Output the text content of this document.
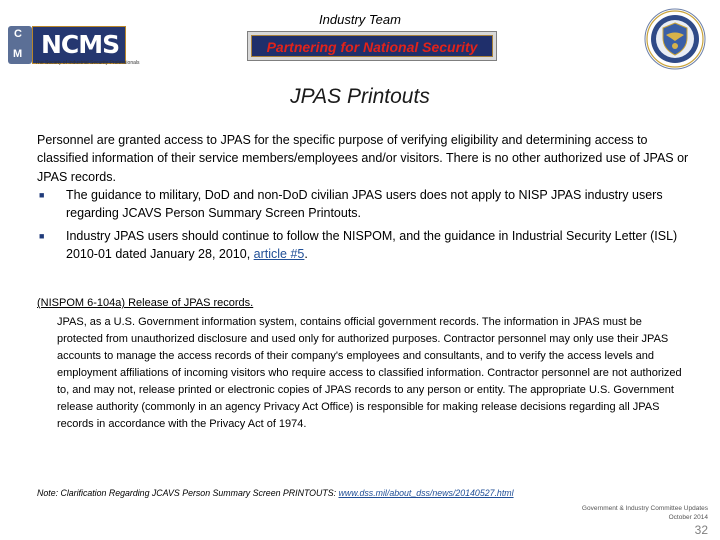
Industry Team
C
M NCMS
The Society of Industrial Security Professionals
Partnering for National Security
JPAS Printouts

Personnel are granted access to JPAS for the specific purpose of verifying eligibility and determining access to classified information of their service members/employees and/or visitors. There is no other authorized use of JPAS or JPAS records.

■ The guidance to military, DoD and non-DoD civilian JPAS users does not apply to NISP JPAS industry users regarding JCAVS Person Summary Screen Printouts.
■ Industry JPAS users should continue to follow the NISPOM, and the guidance in Industrial Security Letter (ISL) 2010-01 dated January 28, 2010, article #5.
(NISPOM 6-104a) Release of JPAS records.
JPAS, as a U.S. Government information system, contains official government records. The information in JPAS must be protected from unauthorized disclosure and used only for authorized purposes. Contractor personnel may only use their JPAS accounts to manage the access records of their company's employees and consultants, and to verify the access levels and employment affiliations of incoming visitors who require access to classified information. Contractor personnel are not authorized to, and may not, release printed or electronic copies of JPAS records to any person or entity. The appropriate U.S. Government release authority (commonly in an agency Privacy Act Office) is responsible for making release decisions regarding all JPAS records in accordance with the Privacy Act of 1974.
Note: Clarification Regarding JCAVS Person Summary Screen PRINTOUTS: www.dss.mil/about_dss/news/20140527.html
Government & Industry Committee Updates
October 2014
32
